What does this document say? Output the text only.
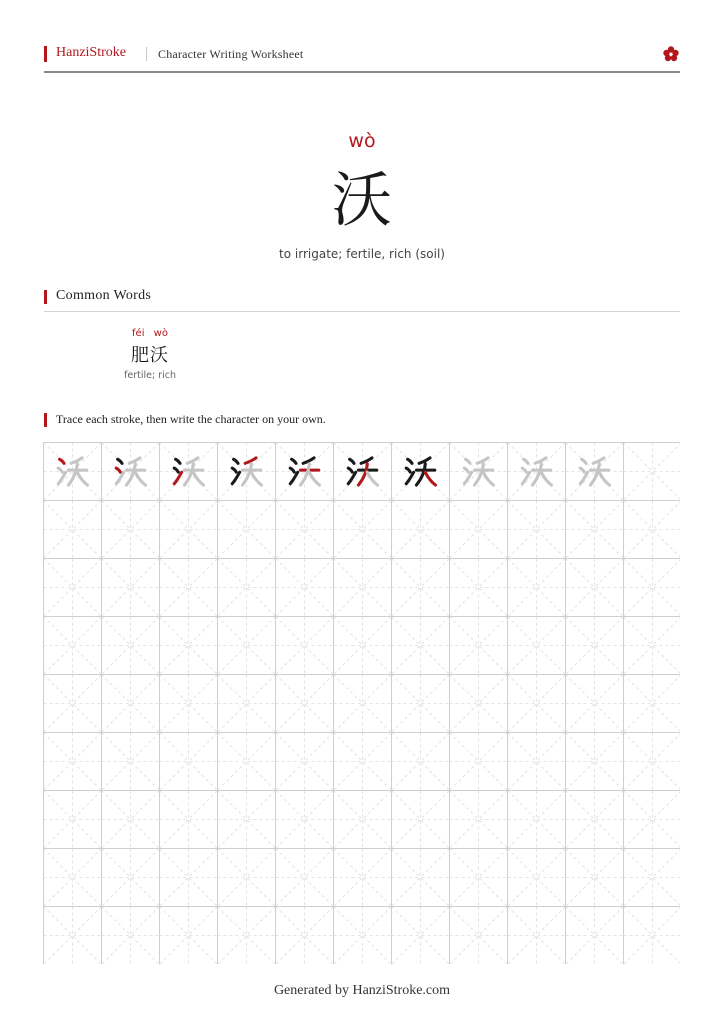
HanziStroke	Character Writing Worksheet
wò
沃
to irrigate; fertile, rich (soil)
Common Words
féi wò
肥沃
fertile; rich
Trace each stroke, then write the character on your own.
Generated by HanziStroke.com
